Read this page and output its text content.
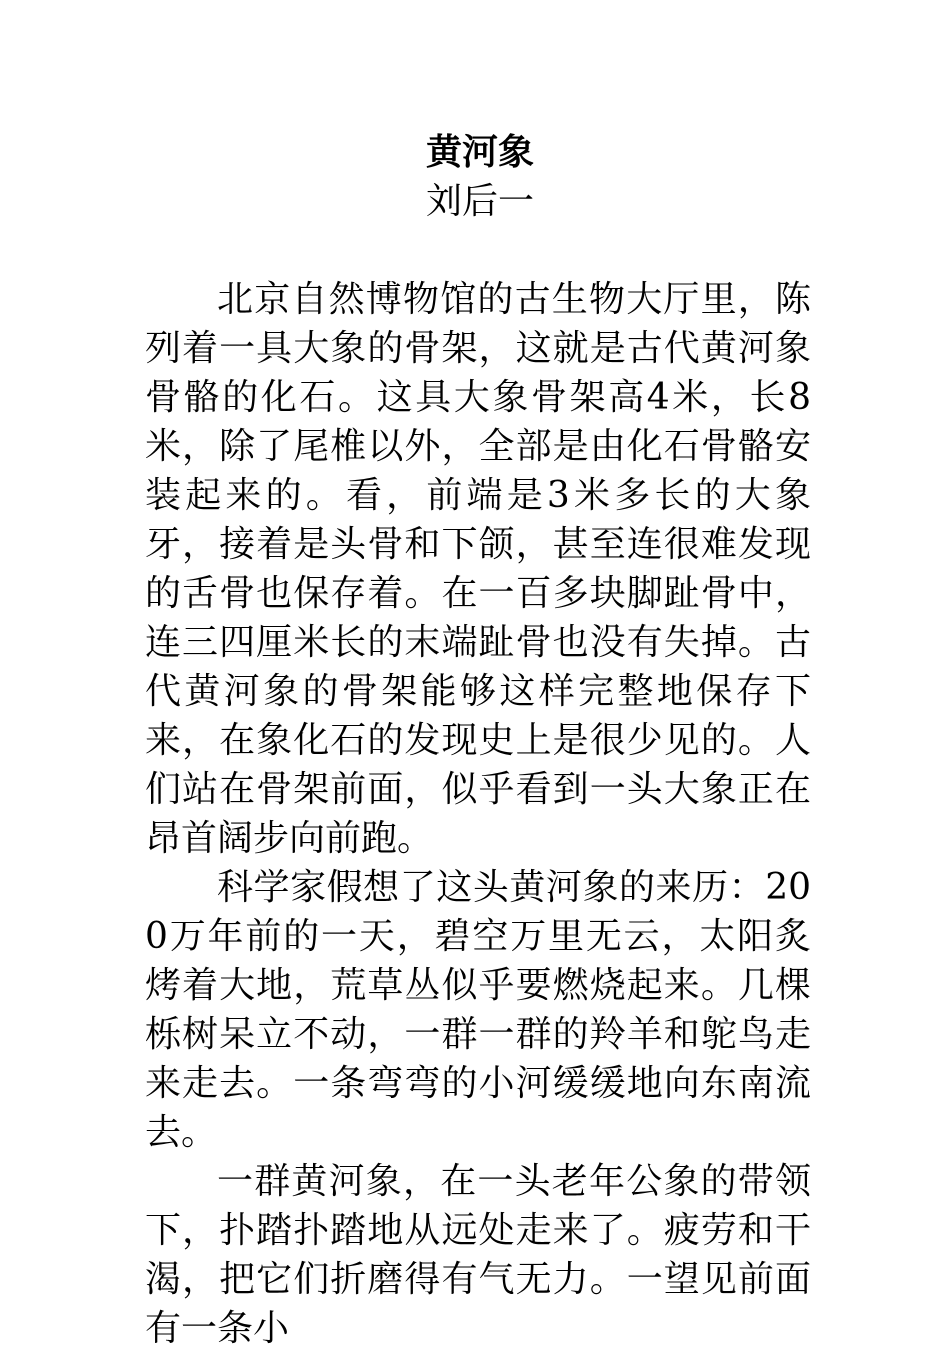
黄河象
刘后一

北京自然博物馆的古生物大厅里，陈列着一具大象的骨架，这就是古代黄河象骨骼的化石。这具大象骨架高4米，长8米，除了尾椎以外，全部是由化石骨骼安装起来的。看，前端是3米多长的大象牙，接着是头骨和下颌，甚至连很难发现的舌骨也保存着。在一百多块脚趾骨中，连三四厘米长的末端趾骨也没有失掉。古代黄河象的骨架能够这样完整地保存下来，在象化石的发现史上是很少见的。人们站在骨架前面，似乎看到一头大象正在昂首阔步向前跑。

科学家假想了这头黄河象的来历：200万年前的一天，碧空万里无云，太阳炙烤着大地，荒草丛似乎要燃烧起来。几棵栎树呆立不动，一群一群的羚羊和鸵鸟走来走去。一条弯弯的小河缓缓地向东南流去。

一群黄河象，在一头老年公象的带领下，扑踏扑踏地从远处走来了。疲劳和干渴，把它们折磨得有气无力。一望见前面有一条小
